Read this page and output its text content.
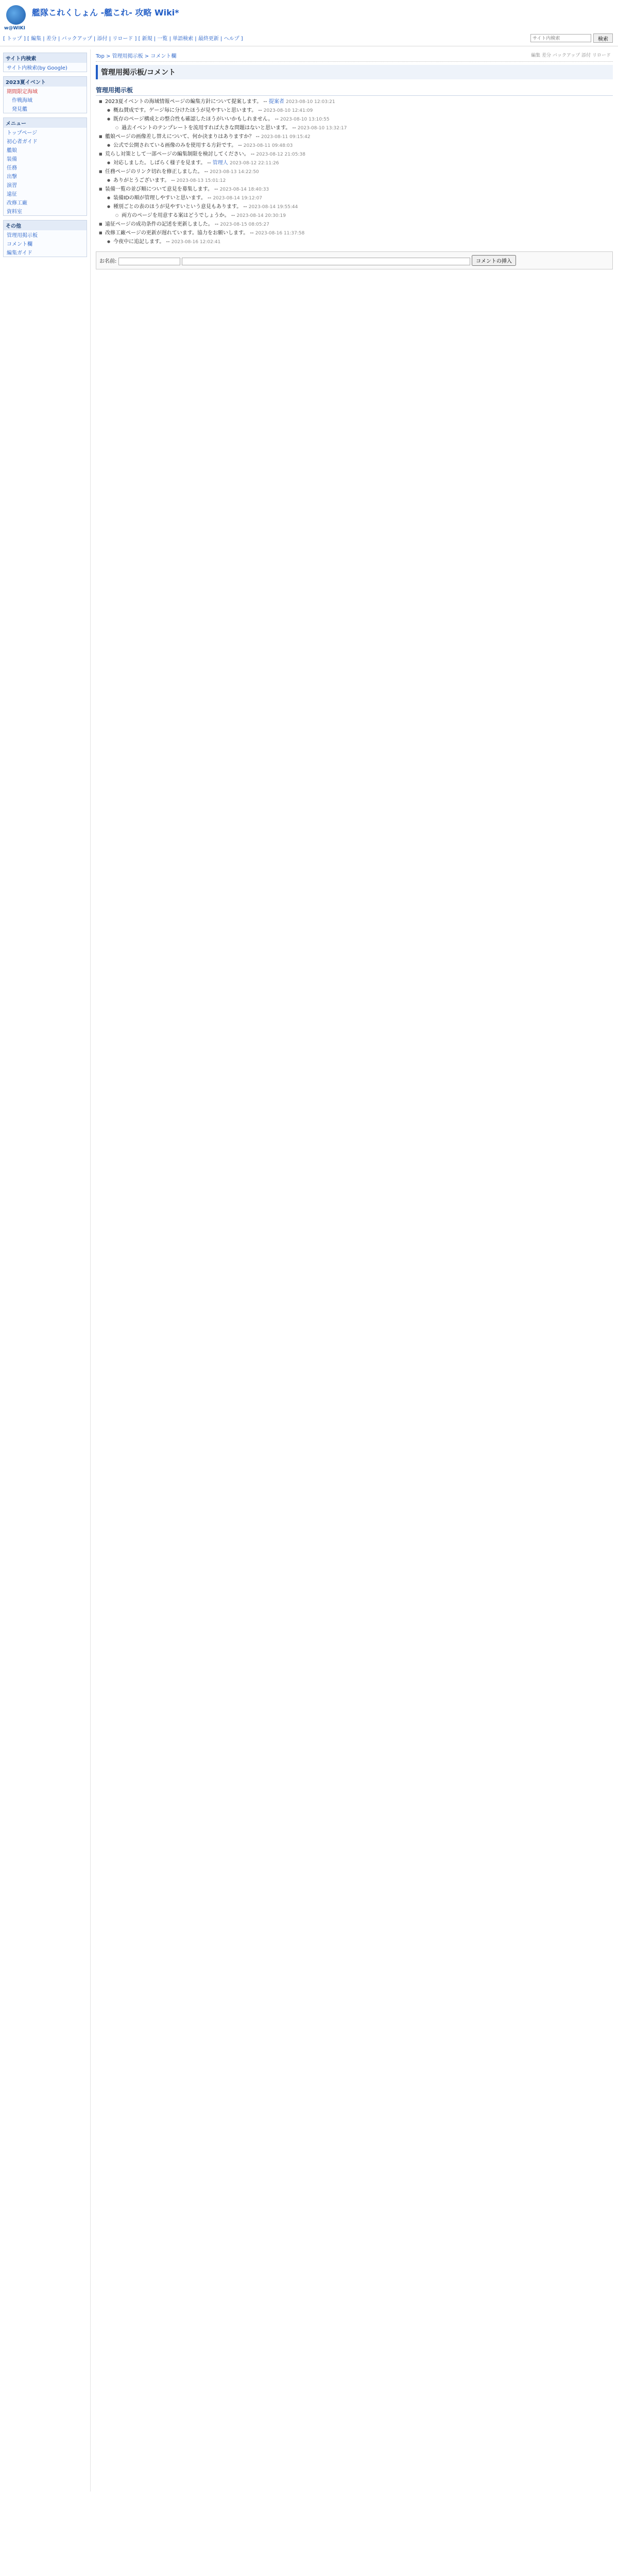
w@WIKI
艦隊これくしょん -艦これ- 攻略 Wiki*
[ トップ ] [ 編集 | 差分 | バックアップ | 添付 | リロード ] [ 新規 | 一覧 | 単語検索 | 最終更新 | ヘルプ ]
サイト内検索	検索
サイト内検索
サイト内検索(by Google)
2023夏イベント
期間限定海域
作戦海域
発見艦
メニュー
トップページ
初心者ガイド
艦娘
装備
任務
出撃
演習
遠征
改修工廠
資料室
その他
管理用掲示板
コメント欄
編集ガイド
Top > 管理用掲示板 > コメント欄	編集 差分 バックアップ 添付 リロード
管理用掲示板/コメント
管理用掲示板
■ 2023夏イベントの海域情報ページの編集方針について提案します。 -- 提案者 2023-08-10 12:03:21
● 概ね賛成です。ゲージ毎に分けたほうが見やすいと思います。 -- 2023-08-10 12:41:09
● 既存のページ構成との整合性も確認したほうがいいかもしれません。 -- 2023-08-10 13:10:55
○ 過去イベントのテンプレートを流用すれば大きな問題はないと思います。 -- 2023-08-10 13:32:17
■ 艦娘ページの画像差し替えについて、何か決まりはありますか？ -- 2023-08-11 09:15:42
● 公式で公開されている画像のみを使用する方針です。 -- 2023-08-11 09:48:03
■ 荒らし対策として一部ページの編集制限を検討してください。 -- 2023-08-12 21:05:38
● 対応しました。しばらく様子を見ます。 -- 管理人 2023-08-12 22:11:26
■ 任務ページのリンク切れを修正しました。 -- 2023-08-13 14:22:50
● ありがとうございます。 -- 2023-08-13 15:01:12
■ 装備一覧の並び順について意見を募集します。 -- 2023-08-14 18:40:33
● 装備IDの順が管理しやすいと思います。 -- 2023-08-14 19:12:07
● 種別ごとの表のほうが見やすいという意見もあります。 -- 2023-08-14 19:55:44
○ 両方のページを用意する案はどうでしょうか。 -- 2023-08-14 20:30:19
■ 遠征ページの成功条件の記述を更新しました。 -- 2023-08-15 08:05:27
■ 改修工廠ページの更新が遅れています。協力をお願いします。 -- 2023-08-16 11:37:58
● 今夜中に追記します。 -- 2023-08-16 12:02:41
お名前:	コメントの挿入
